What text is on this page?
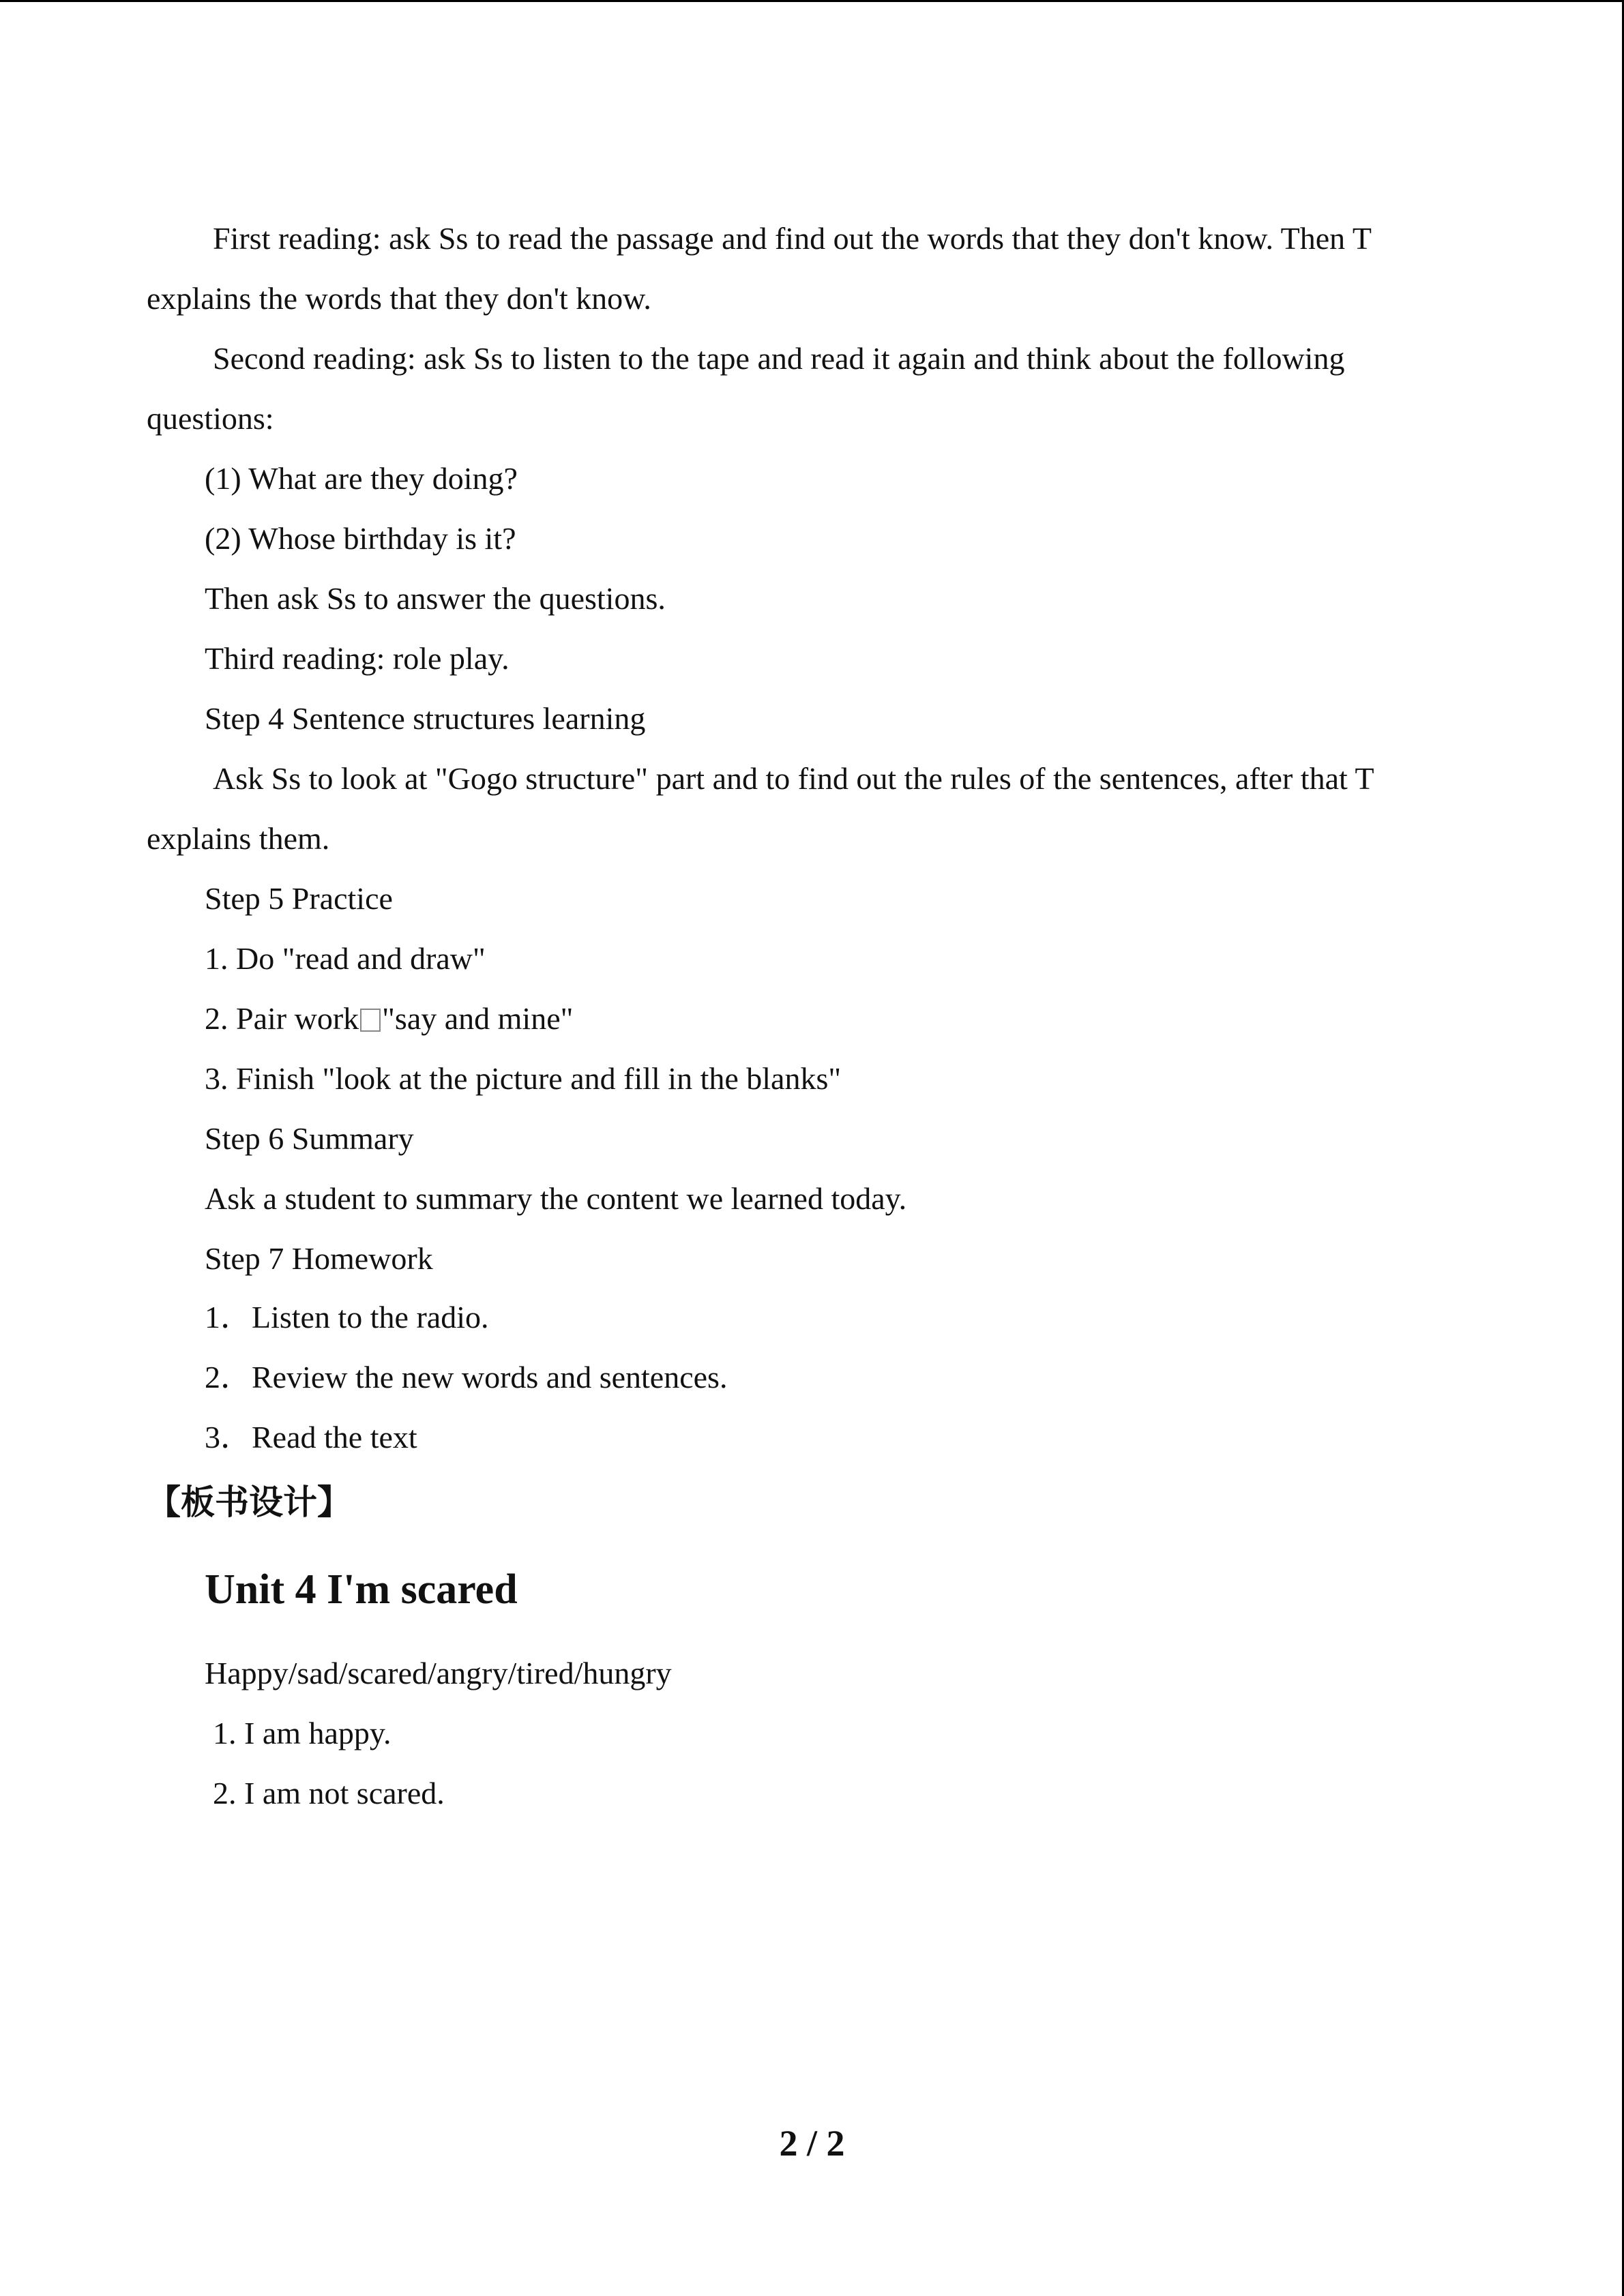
First reading: ask Ss to read the passage and find out the words that they don't know. Then T
explains the words that they don't know.
Second reading: ask Ss to listen to the tape and read it again and think about the following
questions:
(1) What are they doing?
(2) Whose birthday is it?
Then ask Ss to answer the questions.
Third reading: role play.
Step 4 Sentence structures learning
Ask Ss to look at "Gogo structure" part and to find out the rules of the sentences, after that T
explains them.
Step 5 Practice
1. Do "read and draw"
2. Pair work "say and mine"
3. Finish "look at the picture and fill in the blanks"
Step 6 Summary
Ask a student to summary the content we learned today.
Step 7 Homework
1．Listen to the radio.
2．Review the new words and sentences.
3．Read the text
【板书设计】
Unit 4 I'm scared
Happy/sad/scared/angry/tired/hungry
1. I am happy.
2. I am not scared.
2 / 2
